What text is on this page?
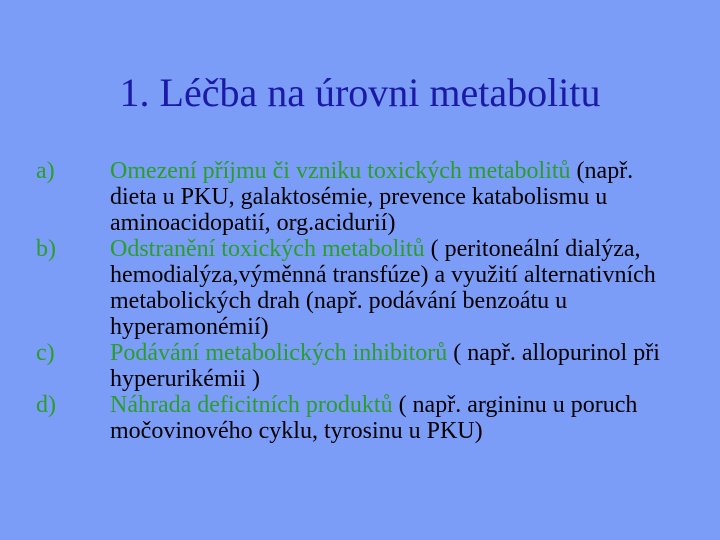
1. Léčba na úrovni metabolitu
a) Omezení příjmu či vzniku toxických metabolitů (např. dieta u PKU, galaktosémie, prevence katabolismu u aminoacidopatií, org.acidurií)
b) Odstranění toxických metabolitů ( peritoneální dialýza, hemodialýza,výměnná transfúze) a využití alternativních metabolických drah (např. podávání benzoátu u hyperamonémií)
c) Podávání metabolických inhibitorů ( např. allopurinol při hyperurikémii )
d) Náhrada deficitních produktů ( např. argininu u poruch močovinového cyklu, tyrosinu u PKU)
